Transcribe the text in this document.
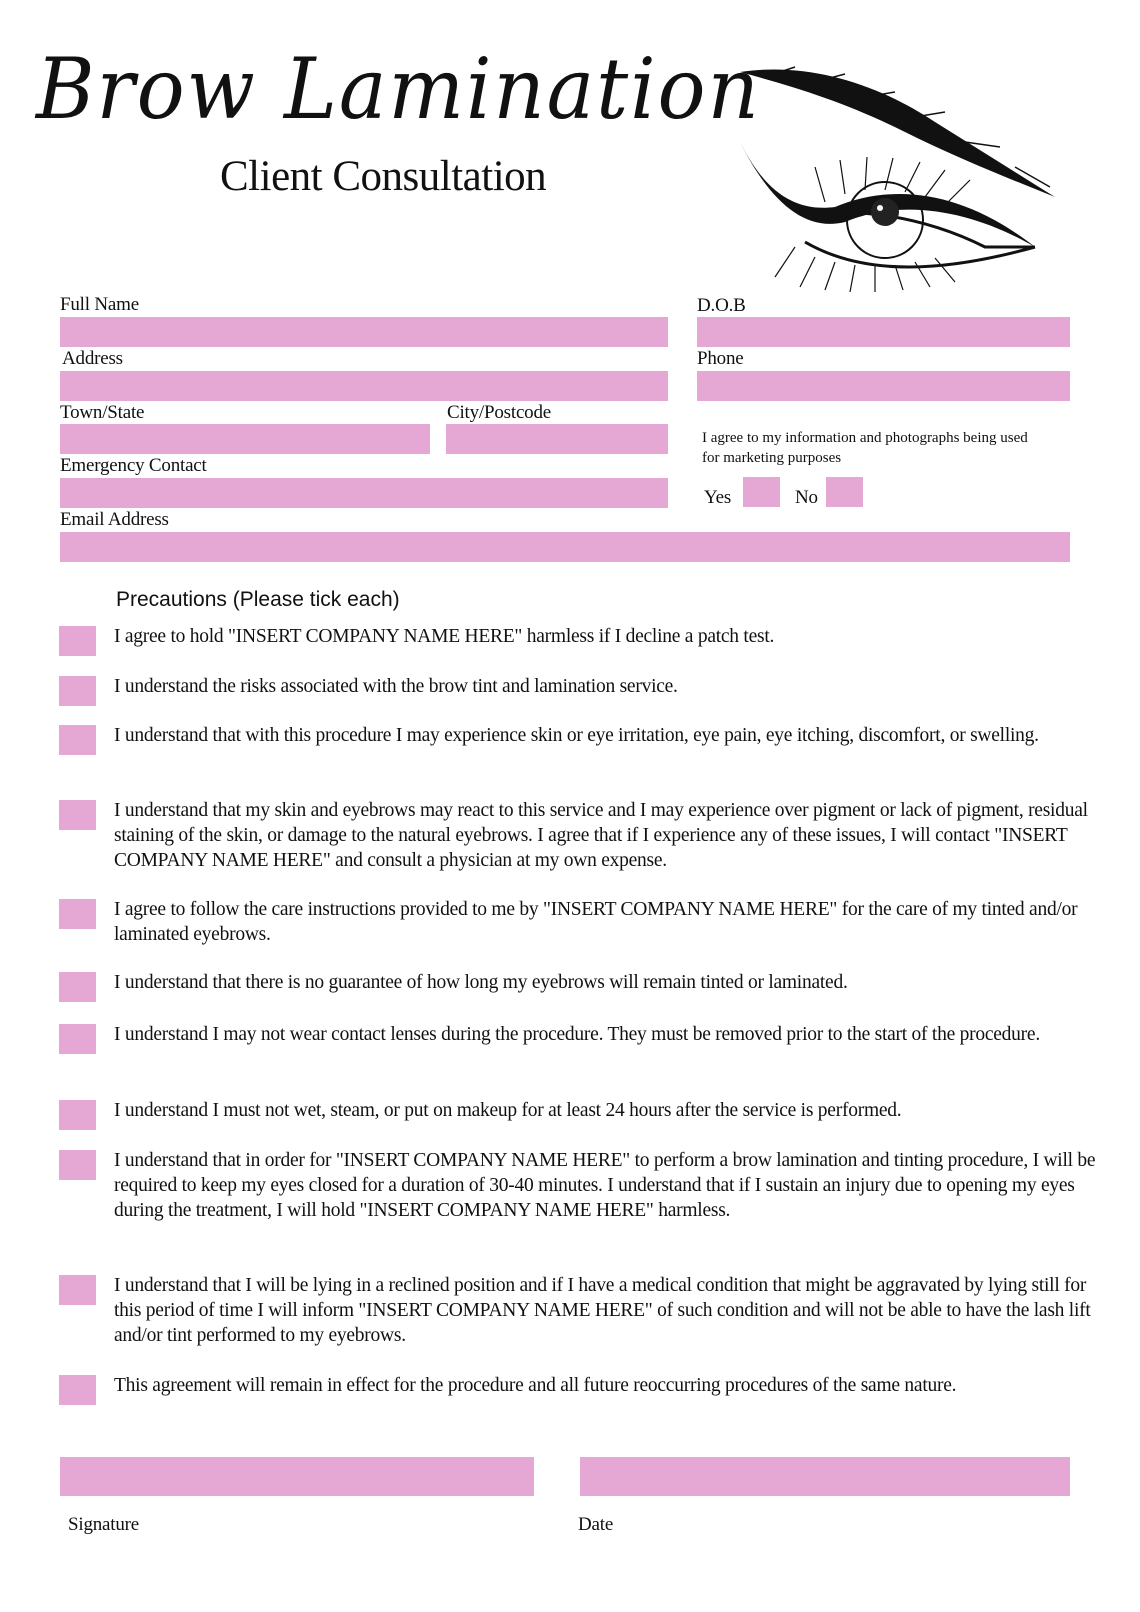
Brow Lamination
Client Consultation
Full Name	D.O.B
Address	Phone
Town/State	City/Postcode
I agree to my information and photographs being used for marketing purposes
Yes	No
Emergency Contact
Email Address
Precautions (Please tick each)
I agree to hold "INSERT COMPANY NAME HERE" harmless if I decline a patch test.
I understand the risks associated with the brow tint and lamination service.
I understand that with this procedure I may experience skin or eye irritation, eye pain, eye itching, discomfort, or swelling.
I understand that my skin and eyebrows may react to this service and I may experience over pigment or lack of pigment, residual staining of the skin, or damage to the natural eyebrows. I agree that if I experience any of these issues, I will contact "INSERT COMPANY NAME HERE" and consult a physician at my own expense.
I agree to follow the care instructions provided to me by "INSERT COMPANY NAME HERE" for the care of my tinted and/or laminated eyebrows.
I understand that there is no guarantee of how long my eyebrows will remain tinted or laminated.
I understand I may not wear contact lenses during the procedure. They must be removed prior to the start of the procedure.
I understand I must not wet, steam, or put on makeup for at least 24 hours after the service is performed.
I understand that in order for "INSERT COMPANY NAME HERE" to perform a brow lamination and tinting procedure, I will be required to keep my eyes closed for a duration of 30-40 minutes. I understand that if I sustain an injury due to opening my eyes during the treatment, I will hold "INSERT COMPANY NAME HERE" harmless.
I understand that I will be lying in a reclined position and if I have a medical condition that might be aggravated by lying still for this period of time I will inform "INSERT COMPANY NAME HERE" of such condition and will not be able to have the lash lift and/or tint performed to my eyebrows.
This agreement will remain in effect for the procedure and all future reoccurring procedures of the same nature.
Signature	Date
